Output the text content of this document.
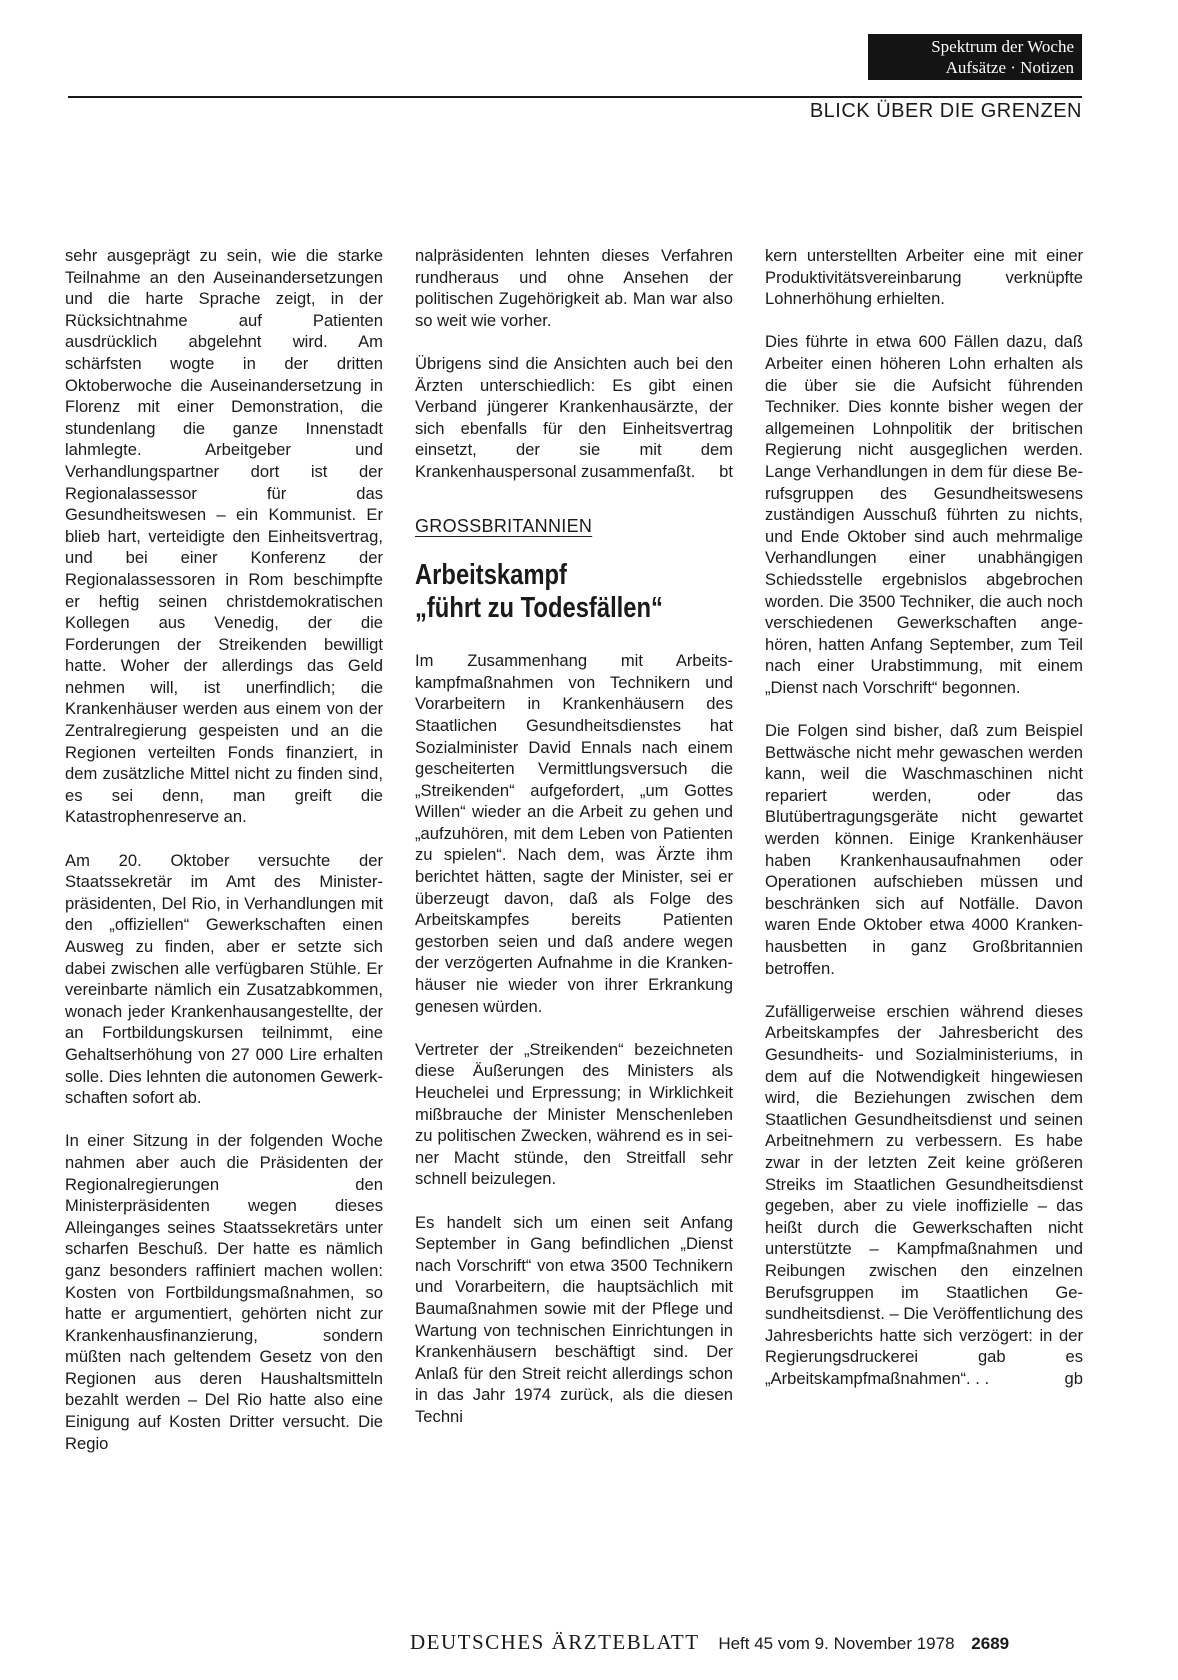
Spektrum der Woche
Aufsätze · Notizen
BLICK ÜBER DIE GRENZEN

sehr ausgeprägt zu sein, wie die starke Teilnahme an den Auseinandersetzungen und die harte Sprache zeigt, in der Rücksichtnahme auf Patienten ausdrücklich abgelehnt wird. Am schärfsten wogte in der dritten Oktoberwoche die Auseinandersetzung in Florenz mit einer Demonstration, die stundenlang die ganze Innenstadt lahmlegte. Arbeitgeber und Verhandlungspartner dort ist der Regionalassessor für das Gesundheitswesen – ein Kommunist. Er blieb hart, verteidigte den Einheitsvertrag, und bei einer Konferenz der Regionalassessoren in Rom beschimpfte er heftig seinen christdemokratischen Kollegen aus Venedig, der die Forderungen der Streikenden bewilligt hatte. Woher der allerdings das Geld nehmen will, ist unerfindlich; die Krankenhäuser werden aus einem von der Zentralregierung gespeisten und an die Regionen verteilten Fonds finanziert, in dem zusätzliche Mittel nicht zu finden sind, es sei denn, man greift die Katastrophenreserve an.

Am 20. Oktober versuchte der Staatssekretär im Amt des Ministerpräsidenten, Del Rio, in Verhandlungen mit den „offiziellen“ Gewerkschaften einen Ausweg zu finden, aber er setzte sich dabei zwischen alle verfügbaren Stühle. Er vereinbarte nämlich ein Zusatzabkommen, wonach jeder Krankenhausangestellte, der an Fortbildungskursen teilnimmt, eine Gehaltserhöhung von 27 000 Lire erhalten solle. Dies lehnten die autonomen Gewerkschaften sofort ab.

In einer Sitzung in der folgenden Woche nahmen aber auch die Präsidenten der Regionalregierungen den Ministerpräsidenten wegen dieses Alleinganges seines Staatssekretärs unter scharfen Beschuß. Der hatte es nämlich ganz besonders raffiniert machen wollen: Kosten von Fortbildungsmaßnahmen, so hatte er argumentiert, gehörten nicht zur Krankenhausfinanzierung, sondern müßten nach geltendem Gesetz von den Regionen aus deren Haushaltsmitteln bezahlt werden – Del Rio hatte also eine Einigung auf Kosten Dritter versucht. Die Regio

nalpräsidenten lehnten dieses Verfahren rundheraus und ohne Ansehen der politischen Zugehörigkeit ab. Man war also so weit wie vorher.

Übrigens sind die Ansichten auch bei den Ärzten unterschiedlich: Es gibt einen Verband jüngerer Krankenhausärzte, der sich ebenfalls für den Einheitsvertrag einsetzt, der sie mit dem Krankenhauspersonal zusammenfaßt. bt

GROSSBRITANNIEN
Arbeitskampf
„führt zu Todesfällen“

Im Zusammenhang mit Arbeitskampfmaßnahmen von Technikern und Vorarbeitern in Krankenhäusern des Staatlichen Gesundheitsdienstes hat Sozialminister David Ennals nach einem gescheiterten Vermittlungsversuch die „Streikenden“ aufgefordert, „um Gottes Willen“ wieder an die Arbeit zu gehen und „aufzuhören, mit dem Leben von Patienten zu spielen“. Nach dem, was Ärzte ihm berichtet hätten, sagte der Minister, sei er überzeugt davon, daß als Folge des Arbeitskampfes bereits Patienten gestorben seien und daß andere wegen der verzögerten Aufnahme in die Krankenhäuser nie wieder von ihrer Erkrankung genesen würden.

Vertreter der „Streikenden“ bezeichneten diese Äußerungen des Ministers als Heuchelei und Erpressung; in Wirklichkeit mißbrauche der Minister Menschenleben zu politischen Zwecken, während es in seiner Macht stünde, den Streitfall sehr schnell beizulegen.

Es handelt sich um einen seit Anfang September in Gang befindlichen „Dienst nach Vorschrift“ von etwa 3500 Technikern und Vorarbeitern, die hauptsächlich mit Baumaßnahmen sowie mit der Pflege und Wartung von technischen Einrichtungen in Krankenhäusern beschäftigt sind. Der Anlaß für den Streit reicht allerdings schon in das Jahr 1974 zurück, als die diesen Techni

kern unterstellten Arbeiter eine mit einer Produktivitätsvereinbarung verknüpfte Lohnerhöhung erhielten.

Dies führte in etwa 600 Fällen dazu, daß Arbeiter einen höheren Lohn erhalten als die über sie die Aufsicht führenden Techniker. Dies konnte bisher wegen der allgemeinen Lohnpolitik der britischen Regierung nicht ausgeglichen werden. Lange Verhandlungen in dem für diese Berufsgruppen des Gesundheitswesens zuständigen Ausschuß führten zu nichts, und Ende Oktober sind auch mehrmalige Verhandlungen einer unabhängigen Schiedsstelle ergebnislos abgebrochen worden. Die 3500 Techniker, die auch noch verschiedenen Gewerkschaften angehören, hatten Anfang September, zum Teil nach einer Urabstimmung, mit einem „Dienst nach Vorschrift“ begonnen.

Die Folgen sind bisher, daß zum Beispiel Bettwäsche nicht mehr gewaschen werden kann, weil die Waschmaschinen nicht repariert werden, oder das Blutübertragungsgeräte nicht gewartet werden können. Einige Krankenhäuser haben Krankenhausaufnahmen oder Operationen aufschieben müssen und beschränken sich auf Notfälle. Davon waren Ende Oktober etwa 4000 Krankenhausbetten in ganz Großbritannien betroffen.

Zufälligerweise erschien während dieses Arbeitskampfes der Jahresbericht des Gesundheits- und Sozialministeriums, in dem auf die Notwendigkeit hingewiesen wird, die Beziehungen zwischen dem Staatlichen Gesundheitsdienst und seinen Arbeitnehmern zu verbessern. Es habe zwar in der letzten Zeit keine größeren Streiks im Staatlichen Gesundheitsdienst gegeben, aber zu viele inoffizielle – das heißt durch die Gewerkschaften nicht unterstützte – Kampfmaßnahmen und Reibungen zwischen den einzelnen Berufsgruppen im Staatlichen Gesundheitsdienst. – Die Veröffentlichung des Jahresberichts hatte sich verzögert: in der Regierungsdruckerei gab es „Arbeitskampfmaßnahmen“. . .	gb

DEUTSCHES ÄRZTEBLATT Heft 45 vom 9. November 1978 2689
